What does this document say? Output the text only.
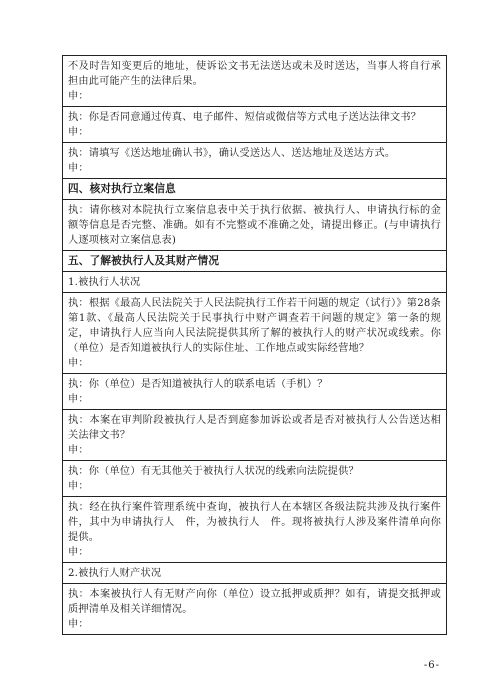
不及时告知变更后的地址，使诉讼文书无法送达或未及时送达，当事人将自行承担由此可能产生的法律后果。

申：

执：你是否同意通过传真、电子邮件、短信或微信等方式电子送达法律文书？

申：

执：请填写《送达地址确认书》，确认受送达人、送达地址及送达方式。

申：

四、核对执行立案信息

执：请你核对本院执行立案信息表中关于执行依据、被执行人、申请执行标的金额等信息是否完整、准确。如有不完整或不准确之处，请提出修正。(与申请执行人逐项核对立案信息表)

五、了解被执行人及其财产情况

1.被执行人状况

执：根据《最高人民法院关于人民法院执行工作若干问题的规定（试行）》第28条第1款、《最高人民法院关于民事执行中财产调查若干问题的规定》第一条的规定，申请执行人应当向人民法院提供其所了解的被执行人的财产状况或线索。你（单位）是否知道被执行人的实际住址、工作地点或实际经营地？

申：

执：你（单位）是否知道被执行人的联系电话（手机）？

申：

执：本案在审判阶段被执行人是否到庭参加诉讼或者是否对被执行人公告送达相关法律文书？

申：

执：你（单位）有无其他关于被执行人状况的线索向法院提供？

申：

执：经在执行案件管理系统中查询，被执行人在本辖区各级法院共涉及执行案件　件，其中为申请执行人　件，为被执行人　件。现将被执行人涉及案件清单向你提供。

申：

2.被执行人财产状况

执：本案被执行人有无财产向你（单位）设立抵押或质押？如有，请提交抵押或质押清单及相关详细情况。

申：

-6-
